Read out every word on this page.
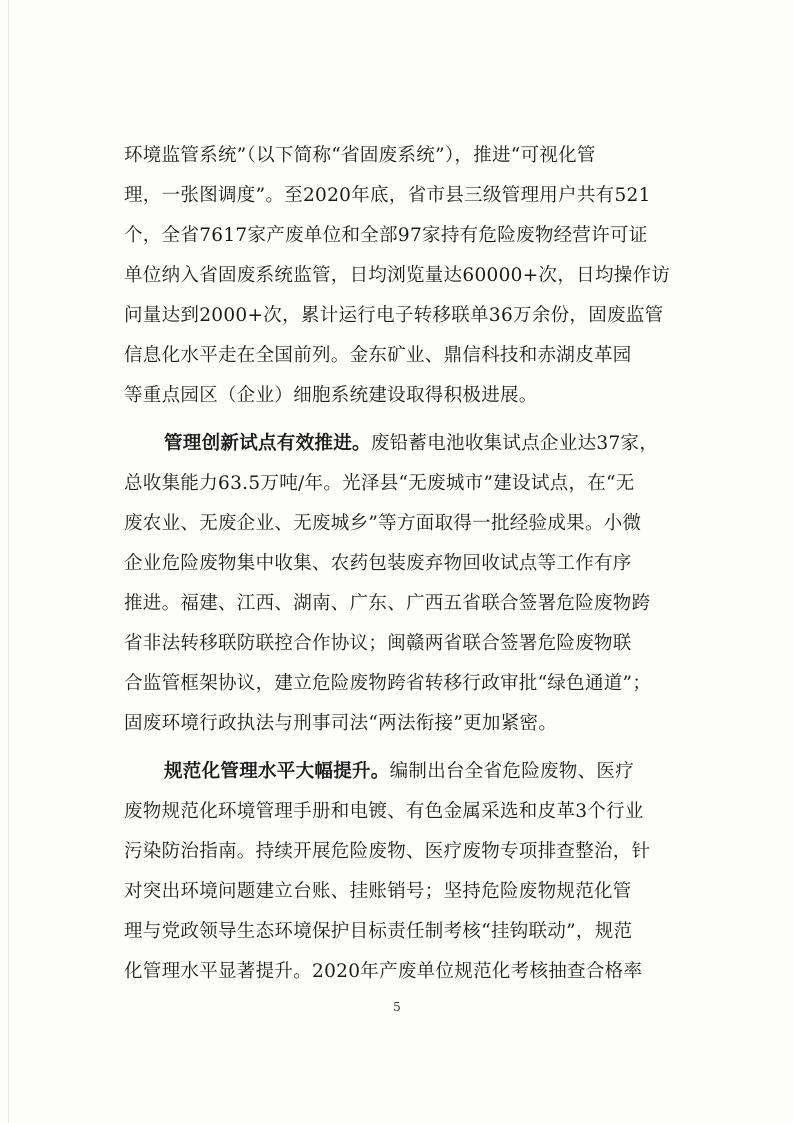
环境监管系统”（以下简称“省固废系统”），推进“可视化管
理，一张图调度”。至2020年底，省市县三级管理用户共有521
个，全省7617家产废单位和全部97家持有危险废物经营许可证
单位纳入省固废系统监管，日均浏览量达60000+次，日均操作访
问量达到2000+次，累计运行电子转移联单36万余份，固废监管
信息化水平走在全国前列。金东矿业、鼎信科技和赤湖皮革园
等重点园区（企业）细胞系统建设取得积极进展。
管理创新试点有效推进。废铅蓄电池收集试点企业达37家，
总收集能力63.5万吨/年。光泽县“无废城市”建设试点，在“无
废农业、无废企业、无废城乡”等方面取得一批经验成果。小微
企业危险废物集中收集、农药包装废弃物回收试点等工作有序
推进。福建、江西、湖南、广东、广西五省联合签署危险废物跨
省非法转移联防联控合作协议；闽赣两省联合签署危险废物联
合监管框架协议，建立危险废物跨省转移行政审批“绿色通道”；
固废环境行政执法与刑事司法“两法衔接”更加紧密。
规范化管理水平大幅提升。编制出台全省危险废物、医疗
废物规范化环境管理手册和电镀、有色金属采选和皮革3个行业
污染防治指南。持续开展危险废物、医疗废物专项排查整治，针
对突出环境问题建立台账、挂账销号；坚持危险废物规范化管
理与党政领导生态环境保护目标责任制考核“挂钩联动”，规范
化管理水平显著提升。2020年产废单位规范化考核抽查合格率
5
